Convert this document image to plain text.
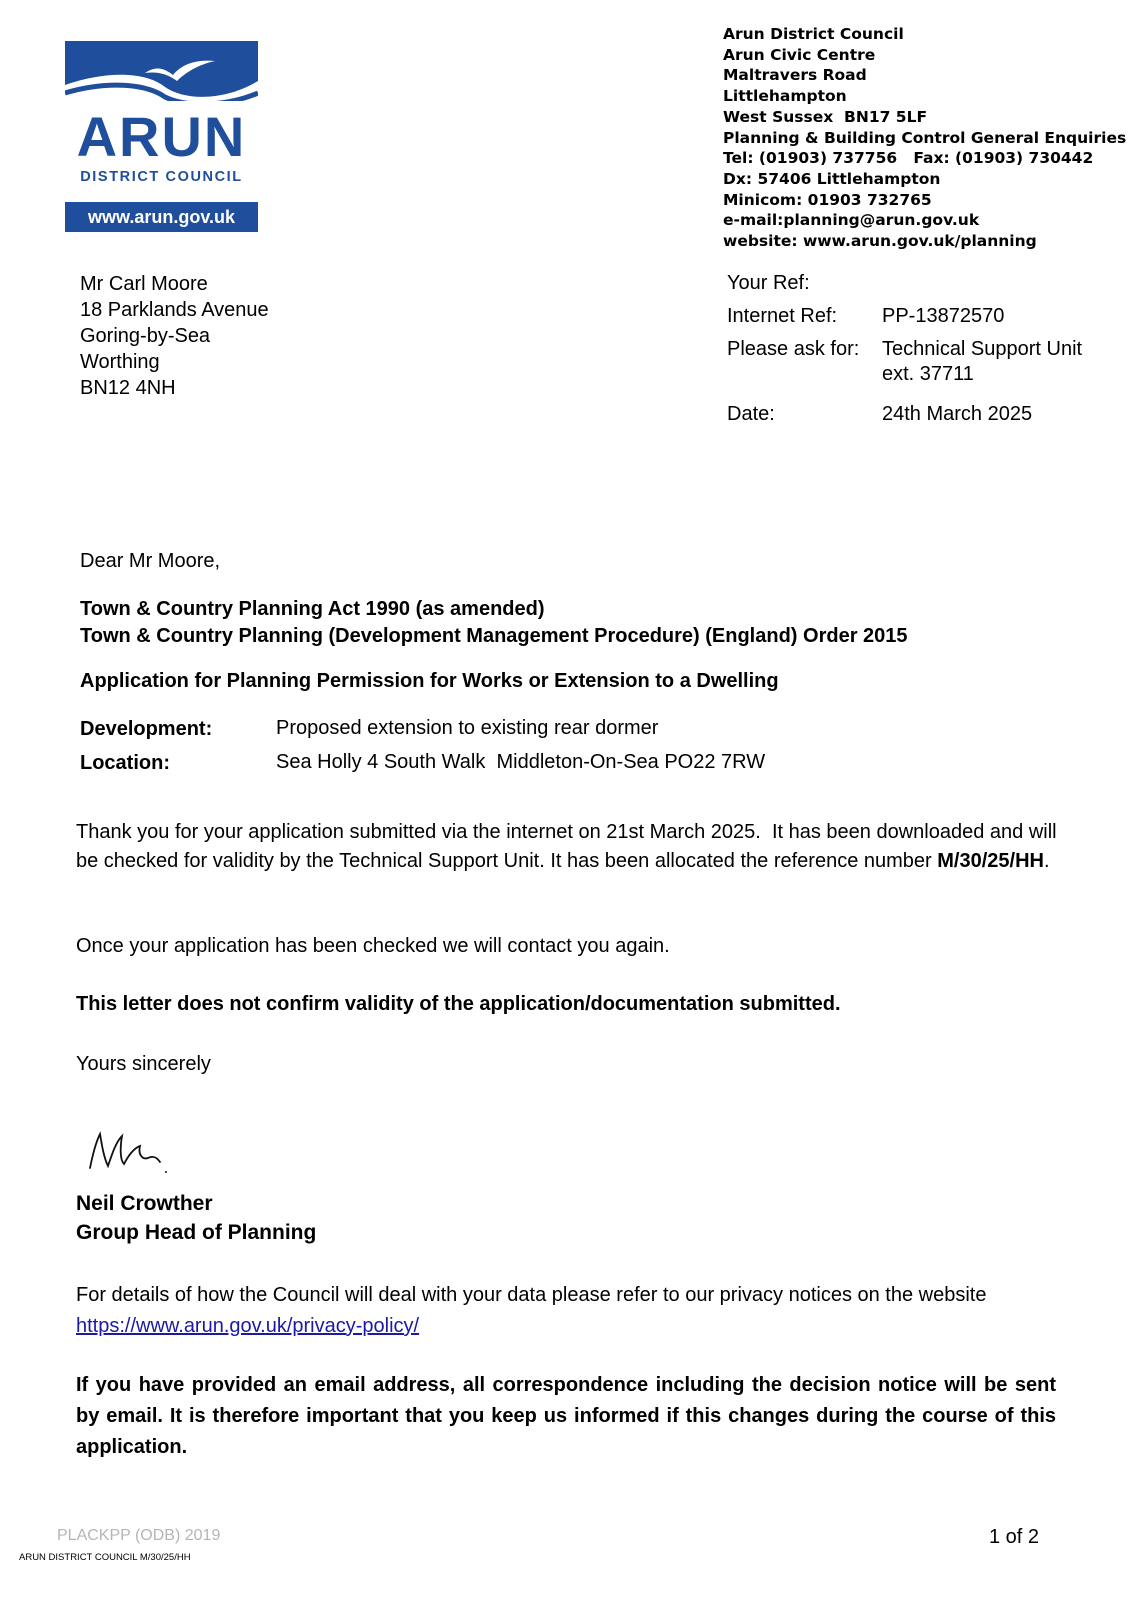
ARUN
DISTRICT COUNCIL
www.arun.gov.uk
Arun District Council
Arun Civic Centre
Maltravers Road
Littlehampton
West Sussex  BN17 5LF
Planning & Building Control General Enquiries
Tel: (01903) 737756   Fax: (01903) 730442
Dx: 57406 Littlehampton
Minicom: 01903 732765
e-mail:planning@arun.gov.uk
website: www.arun.gov.uk/planning
Mr Carl Moore
18 Parklands Avenue
Goring-by-Sea
Worthing
BN12 4NH
Your Ref:
Internet Ref:	PP-13872570
Please ask for:	Technical Support Unit
ext. 37711
Date:	24th March 2025
Dear Mr Moore,
Town & Country Planning Act 1990 (as amended)
Town & Country Planning (Development Management Procedure) (England) Order 2015
Application for Planning Permission for Works or Extension to a Dwelling
Development:	Proposed extension to existing rear dormer
Location:	Sea Holly 4 South Walk  Middleton-On-Sea PO22 7RW
Thank you for your application submitted via the internet on 21st March 2025.  It has been downloaded and will be checked for validity by the Technical Support Unit. It has been allocated the reference number M/30/25/HH.
Once your application has been checked we will contact you again.
This letter does not confirm validity of the application/documentation submitted.
Yours sincerely
Neil Crowther
Group Head of Planning
For details of how the Council will deal with your data please refer to our privacy notices on the website
https://www.arun.gov.uk/privacy-policy/
If you have provided an email address, all correspondence including the decision notice will be sent by email. It is therefore important that you keep us informed if this changes during the course of this application.
PLACKPP (ODB) 2019	1 of 2
ARUN DISTRICT COUNCIL M/30/25/HH
